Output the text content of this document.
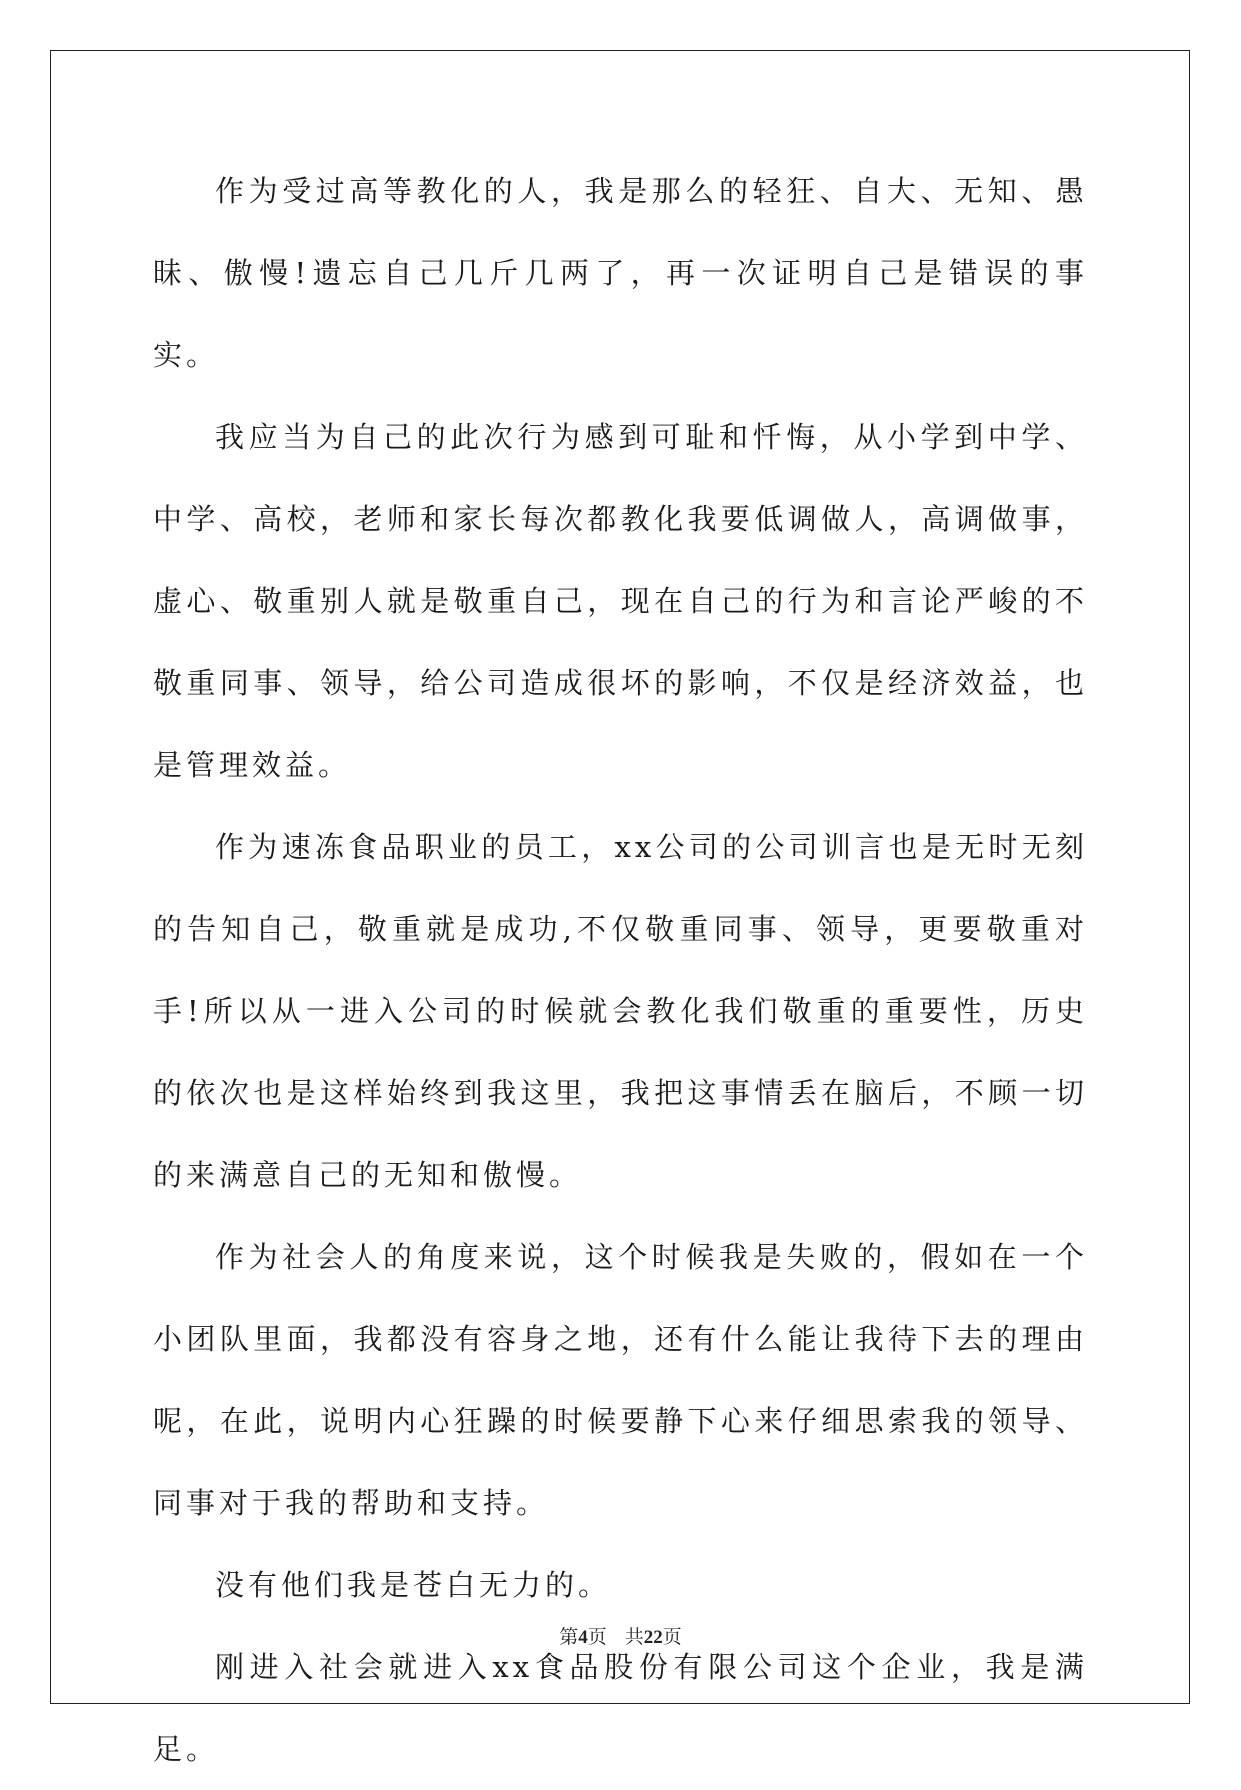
作为受过高等教化的人，我是那么的轻狂、自大、无知、愚昧、傲慢!遗忘自己几斤几两了，再一次证明自己是错误的事实。

我应当为自己的此次行为感到可耻和忏悔，从小学到中学、中学、高校，老师和家长每次都教化我要低调做人，高调做事，虚心、敬重别人就是敬重自己，现在自己的行为和言论严峻的不敬重同事、领导，给公司造成很坏的影响，不仅是经济效益，也是管理效益。

作为速冻食品职业的员工，xx公司的公司训言也是无时无刻的告知自己，敬重就是成功,不仅敬重同事、领导，更要敬重对手!所以从一进入公司的时候就会教化我们敬重的重要性，历史的依次也是这样始终到我这里，我把这事情丢在脑后，不顾一切的来满意自己的无知和傲慢。

作为社会人的角度来说，这个时候我是失败的，假如在一个小团队里面，我都没有容身之地，还有什么能让我待下去的理由呢，在此，说明内心狂躁的时候要静下心来仔细思索我的领导、同事对于我的帮助和支持。

没有他们我是苍白无力的。

刚进入社会就进入xx食品股份有限公司这个企业，我是满足。

第4页 共22页
